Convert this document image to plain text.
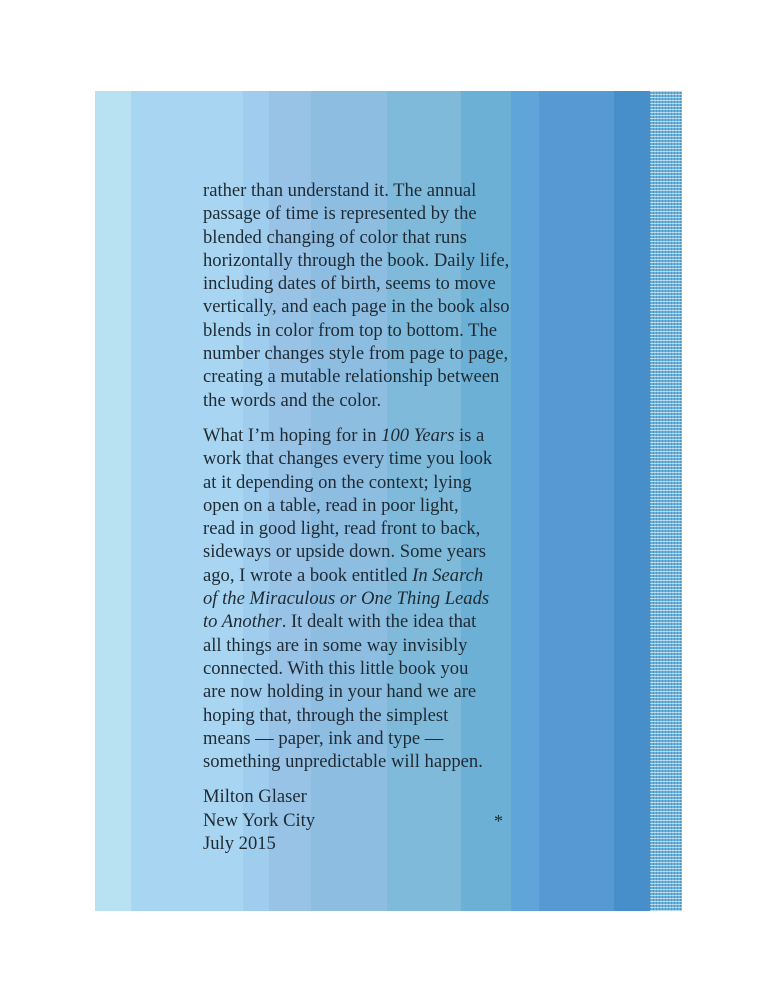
rather than understand it. The annual
passage of time is represented by the
blended changing of color that runs
horizontally through the book. Daily life,
including dates of birth, seems to move
vertically, and each page in the book also
blends in color from top to bottom. The
number changes style from page to page,
creating a mutable relationship between
the words and the color.

What I’m hoping for in 100 Years is a
work that changes every time you look
at it depending on the context; lying
open on a table, read in poor light,
read in good light, read front to back,
sideways or upside down. Some years
ago, I wrote a book entitled In Search
of the Miraculous or One Thing Leads
to Another. It dealt with the idea that
all things are in some way invisibly
connected. With this little book you
are now holding in your hand we are
hoping that, through the simplest
means — paper, ink and type —
something unpredictable will happen.

Milton Glaser
New York City
July 2015
*
